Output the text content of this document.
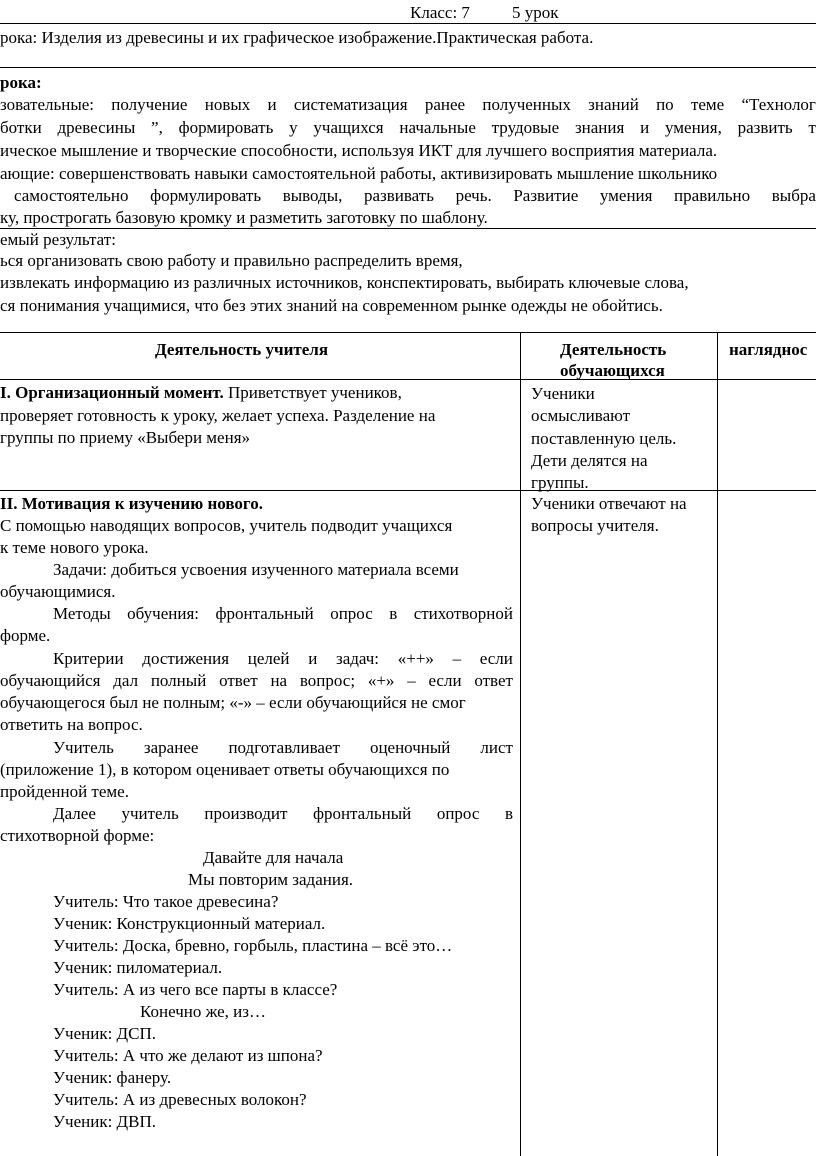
Класс: 7 5 урок
рока: Изделия из древесины и их графическое изображение.Практическая работа.
рока:
зовательные: получение новых и систематизация ранее полученных знаний по теме “Технолог
ботки древесины ”, формировать у учащихся начальные трудовые знания и умения, развить т
ическое мышление и творческие способности, используя ИКТ для лучшего восприятия материала.
ающие: совершенствовать навыки самостоятельной работы, активизировать мышление школьнико
самостоятельно формулировать выводы, развивать речь. Развитие умения правильно выбра
ку, прострогать базовую кромку и разметить заготовку по шаблону.
емый результат:
ься организовать свою работу и правильно распределить время,
извлекать информацию из различных источников, конспектировать, выбирать ключевые слова,
ся понимания учащимися, что без этих знаний на современном рынке одежды не обойтись.
Деятельность учителя	Деятельность
обучающихся
нагляднос
I. Организационный момент. Приветствует учеников,
проверяет готовность к уроку, желает успеха. Разделение на
группы по приему «Выбери меня»
Ученики
осмысливают
поставленную цель.
Дети делятся на
группы.
II. Мотивация к изучению нового.
С помощью наводящих вопросов, учитель подводит учащихся
к теме нового урока.
Задачи: добиться усвоения изученного материала всеми
обучающимися.
Методы обучения: фронтальный опрос в стихотворной
форме.
Критерии достижения целей и задач: «++» – если
обучающийся дал полный ответ на вопрос; «+» – если ответ
обучающегося был не полным; «-» – если обучающийся не смог
ответить на вопрос.
Учитель заранее подготавливает оценочный лист
(приложение 1), в котором оценивает ответы обучающихся по
пройденной теме.
Далее учитель производит фронтальный опрос в
стихотворной форме:
Давайте для начала
Мы повторим задания.
Учитель: Что такое древесина?
Ученик: Конструкционный материал.
Учитель: Доска, бревно, горбыль, пластина – всё это…
Ученик: пиломатериал.
Учитель: А из чего все парты в классе?
Конечно же, из…
Ученик: ДСП.
Учитель: А что же делают из шпона?
Ученик: фанеру.
Учитель: А из древесных волокон?
Ученик: ДВП.
Ученики отвечают на
вопросы учителя.
